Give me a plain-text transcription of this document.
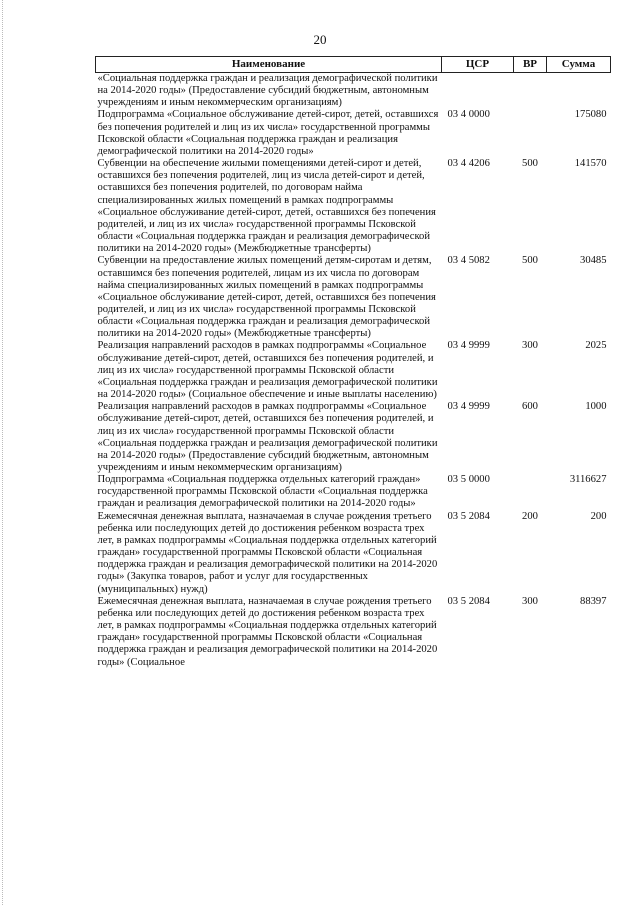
20
Наименование	ЦСР	ВР	Сумма
«Социальная поддержка граждан и реализация демографической политики на 2014-2020 годы» (Предоставление субсидий бюджетным, автономным учреждениям и иным некоммерческим организациям)			
Подпрограмма «Социальное обслуживание детей-сирот, детей, оставшихся без попечения родителей и лиц из их числа» государственной программы Псковской области «Социальная поддержка граждан и реализация демографической политики на 2014-2020 годы»	03 4 0000		175080
Субвенции на обеспечение жилыми помещениями детей-сирот и детей, оставшихся без попечения родителей, лиц из числа детей-сирот и детей, оставшихся без попечения родителей, по договорам найма специализированных жилых помещений в рамках подпрограммы «Социальное обслуживание детей-сирот, детей, оставшихся без попечения родителей, и лиц из их числа» государственной программы Псковской области «Социальная поддержка граждан и реализация демографической политики на 2014-2020 годы» (Межбюджетные трансферты)	03 4 4206	500	141570
Субвенции на предоставление жилых помещений детям-сиротам и детям, оставшимся без попечения родителей, лицам из их числа по договорам найма специализированных жилых помещений в рамках подпрограммы «Социальное обслуживание детей-сирот, детей, оставшихся без попечения родителей, и лиц из их числа» государственной программы Псковской области «Социальная поддержка граждан и реализация демографической политики на 2014-2020 годы» (Межбюджетные трансферты)	03 4 5082	500	30485
Реализация направлений расходов в рамках подпрограммы «Социальное обслуживание детей-сирот, детей, оставшихся без попечения родителей, и лиц из их числа» государственной программы Псковской области «Социальная поддержка граждан и реализация демографической политики на 2014-2020 годы» (Социальное обеспечение и иные выплаты населению)	03 4 9999	300	2025
Реализация направлений расходов в рамках подпрограммы «Социальное обслуживание детей-сирот, детей, оставшихся без попечения родителей, и лиц из их числа» государственной программы Псковской области «Социальная поддержка граждан и реализация демографической политики на 2014-2020 годы» (Предоставление субсидий бюджетным, автономным учреждениям и иным некоммерческим организациям)	03 4 9999	600	1000
Подпрограмма «Социальная поддержка отдельных категорий граждан» государственной программы Псковской области «Социальная поддержка граждан и реализация демографической политики на 2014-2020 годы»	03 5 0000		3116627
Ежемесячная денежная выплата, назначаемая в случае рождения третьего ребенка или последующих детей до достижения ребенком возраста трех лет, в рамках подпрограммы «Социальная поддержка отдельных категорий граждан» государственной программы Псковской области «Социальная поддержка граждан и реализация демографической политики на 2014-2020 годы» (Закупка товаров, работ и услуг для государственных (муниципальных) нужд)	03 5 2084	200	200
Ежемесячная денежная выплата, назначаемая в случае рождения третьего ребенка или последующих детей до достижения ребенком возраста трех лет, в рамках подпрограммы «Социальная поддержка отдельных категорий граждан» государственной программы Псковской области «Социальная поддержка граждан и реализация демографической политики на 2014-2020 годы» (Социальное	03 5 2084	300	88397
